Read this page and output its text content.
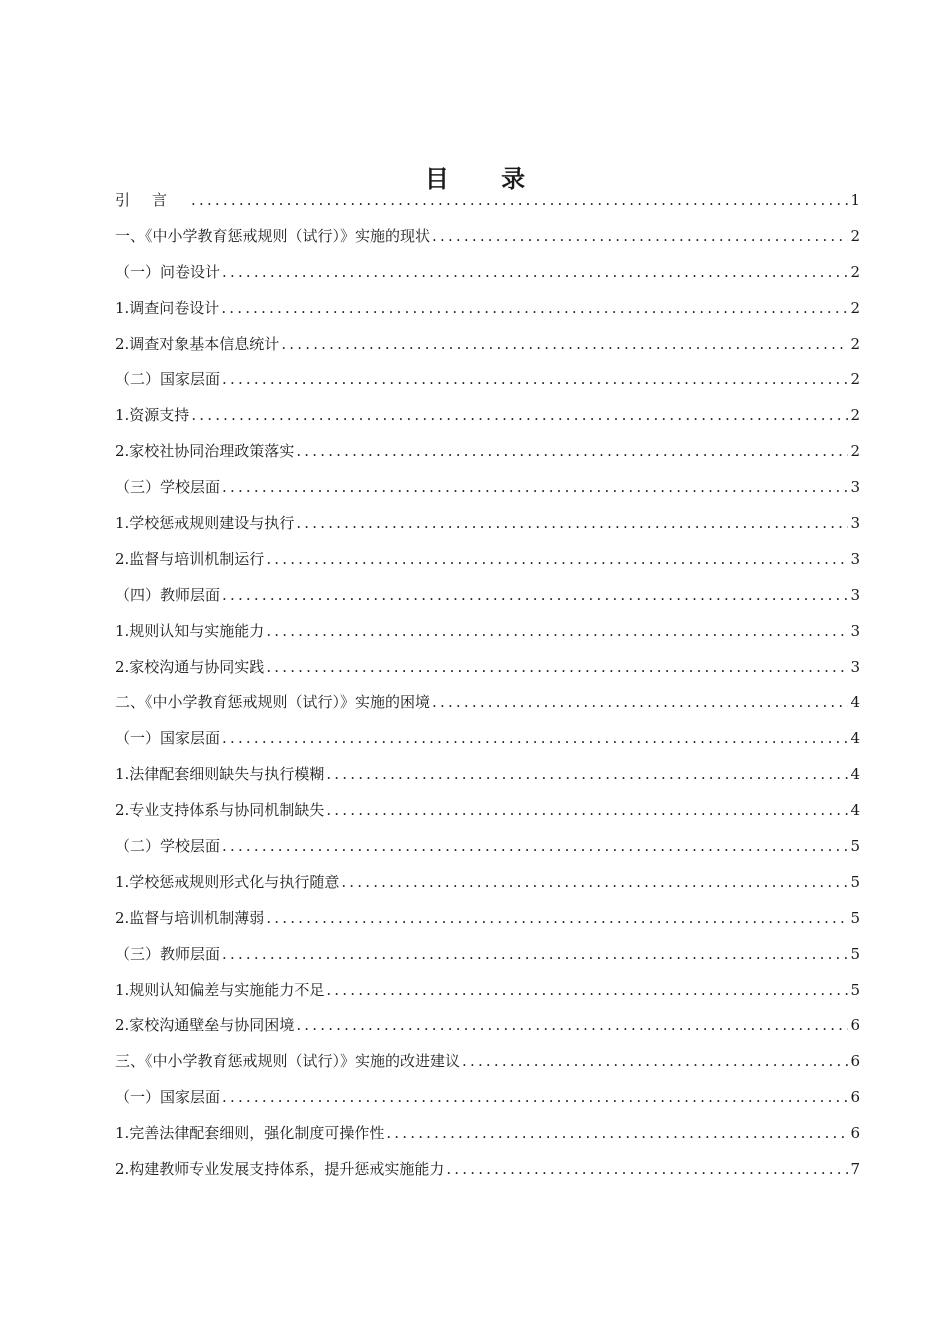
目 录
引言 .....	1
一、《中小学教育惩戒规则（试行）》实施的现状 .....	2
（一）问卷设计 .....	2
1.调查问卷设计 .....	2
2.调查对象基本信息统计 .....	2
（二）国家层面 .....	2
1.资源支持 .....	2
2.家校社协同治理政策落实 .....	2
（三）学校层面 .....	3
1.学校惩戒规则建设与执行 .....	3
2.监督与培训机制运行 .....	3
（四）教师层面 .....	3
1.规则认知与实施能力 .....	3
2.家校沟通与协同实践 .....	3
二、《中小学教育惩戒规则（试行）》实施的困境 .....	4
（一）国家层面 .....	4
1.法律配套细则缺失与执行模糊 .....	4
2.专业支持体系与协同机制缺失 .....	4
（二）学校层面 .....	5
1.学校惩戒规则形式化与执行随意 .....	5
2.监督与培训机制薄弱 .....	5
（三）教师层面 .....	5
1.规则认知偏差与实施能力不足 .....	5
2.家校沟通壁垒与协同困境 .....	6
三、《中小学教育惩戒规则（试行）》实施的改进建议 .....	6
（一）国家层面 .....	6
1.完善法律配套细则，强化制度可操作性 .....	6
2.构建教师专业发展支持体系，提升惩戒实施能力 .....	7
